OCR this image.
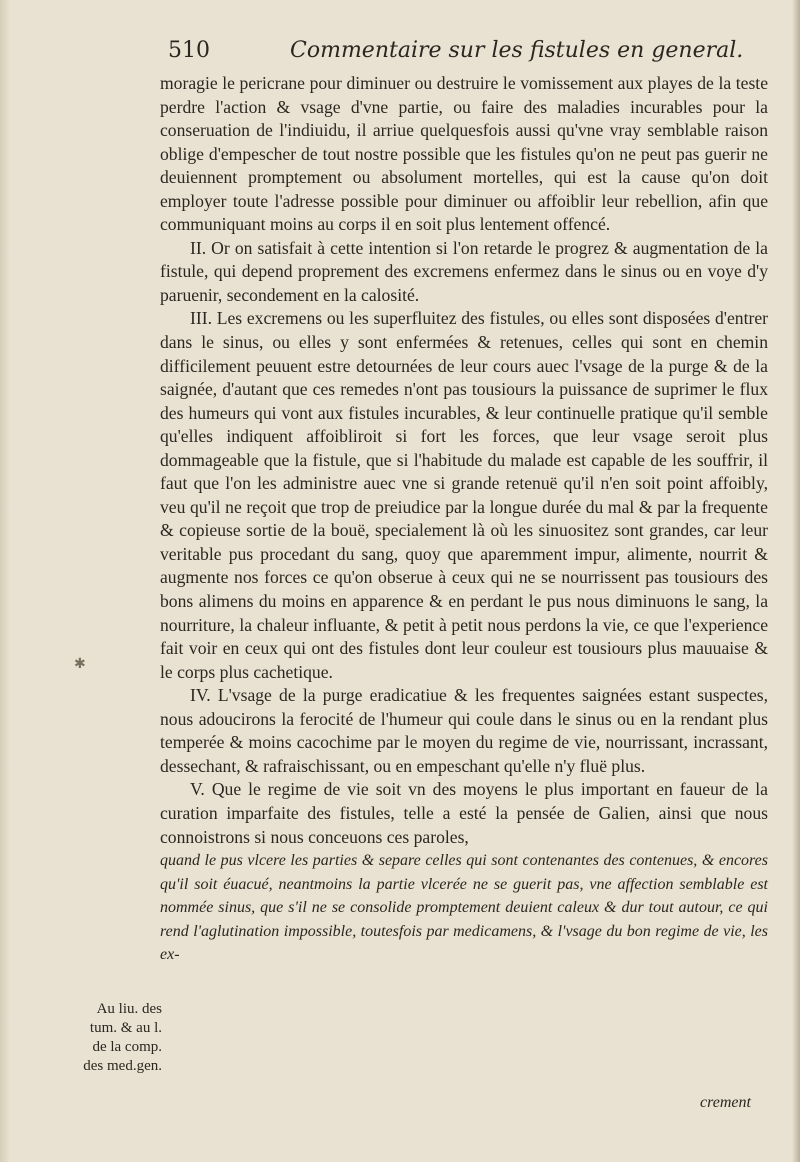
510	Commentaire sur les fistules en general.

moragie le pericrane pour diminuer ou destruire le vomissement aux playes de la teste perdre l'action & vsage d'vne partie, ou faire des maladies incurables pour la conseruation de l'indiuidu, il arriue quelquesfois aussi qu'vne vray semblable raison oblige d'empescher de tout nostre possible que les fistules qu'on ne peut pas guerir ne deuiennent promptement ou absolument mortelles, qui est la cause qu'on doit employer toute l'adresse possible pour diminuer ou affoiblir leur rebellion, afin que communiquant moins au corps il en soit plus lentement offencé.

II. Or on satisfait à cette intention si l'on retarde le progrez & augmentation de la fistule, qui depend proprement des excremens enfermez dans le sinus ou en voye d'y paruenir, secondement en la calosité.

III. Les excremens ou les superfluitez des fistules, ou elles sont disposées d'entrer dans le sinus, ou elles y sont enfermées & retenues, celles qui sont en chemin difficilement peuuent estre detournées de leur cours auec l'vsage de la purge & de la saignée, d'autant que ces remedes n'ont pas tousiours la puissance de suprimer le flux des humeurs qui vont aux fistules incurables, & leur continuelle pratique qu'il semble qu'elles indiquent affoibliroit si fort les forces, que leur vsage seroit plus dommageable que la fistule, que si l'habitude du malade est capable de les souffrir, il faut que l'on les administre auec vne si grande retenuë qu'il n'en soit point affoibly, veu qu'il ne reçoit que trop de preiudice par la longue durée du mal & par la frequente & copieuse sortie de la bouë, specialement là où les sinuositez sont grandes, car leur veritable pus procedant du sang, quoy que aparemment impur, alimente, nourrit & augmente nos forces ce qu'on obserue à ceux qui ne se nourrissent pas tousiours des bons alimens du moins en apparence & en perdant le pus nous diminuons le sang, la nourriture, la chaleur influante, & petit à petit nous perdons la vie, ce que l'experience fait voir en ceux qui ont des fistules dont leur couleur est tousiours plus mauuaise & le corps plus cachetique.

IV. L'vsage de la purge eradicatiue & les frequentes saignées estant suspectes, nous adoucirons la ferocité de l'humeur qui coule dans le sinus ou en la rendant plus temperée & moins cacochime par le moyen du regime de vie, nourrissant, incrassant, dessechant, & rafraischissant, ou en empeschant qu'elle n'y fluë plus.

V. Que le regime de vie soit vn des moyens le plus important en faueur de la curation imparfaite des fistules, telle a esté la pensée de Galien, ainsi que nous connoistrons si nous conceuons ces paroles,

quand le pus vlcere les parties & separe celles qui sont contenantes des contenues, & encores qu'il soit éuacué, neantmoins la partie vlcerée ne se guerit pas, vne affection semblable est nommée sinus, que s'il ne se consolide promptement deuient caleux & dur tout autour, ce qui rend l'aglutination impossible, toutesfois par medicamens, & l'vsage du bon regime de vie, les ex-

crement
✱
Au liu. des
tum. & au l.
de la comp.
des med.gen.
